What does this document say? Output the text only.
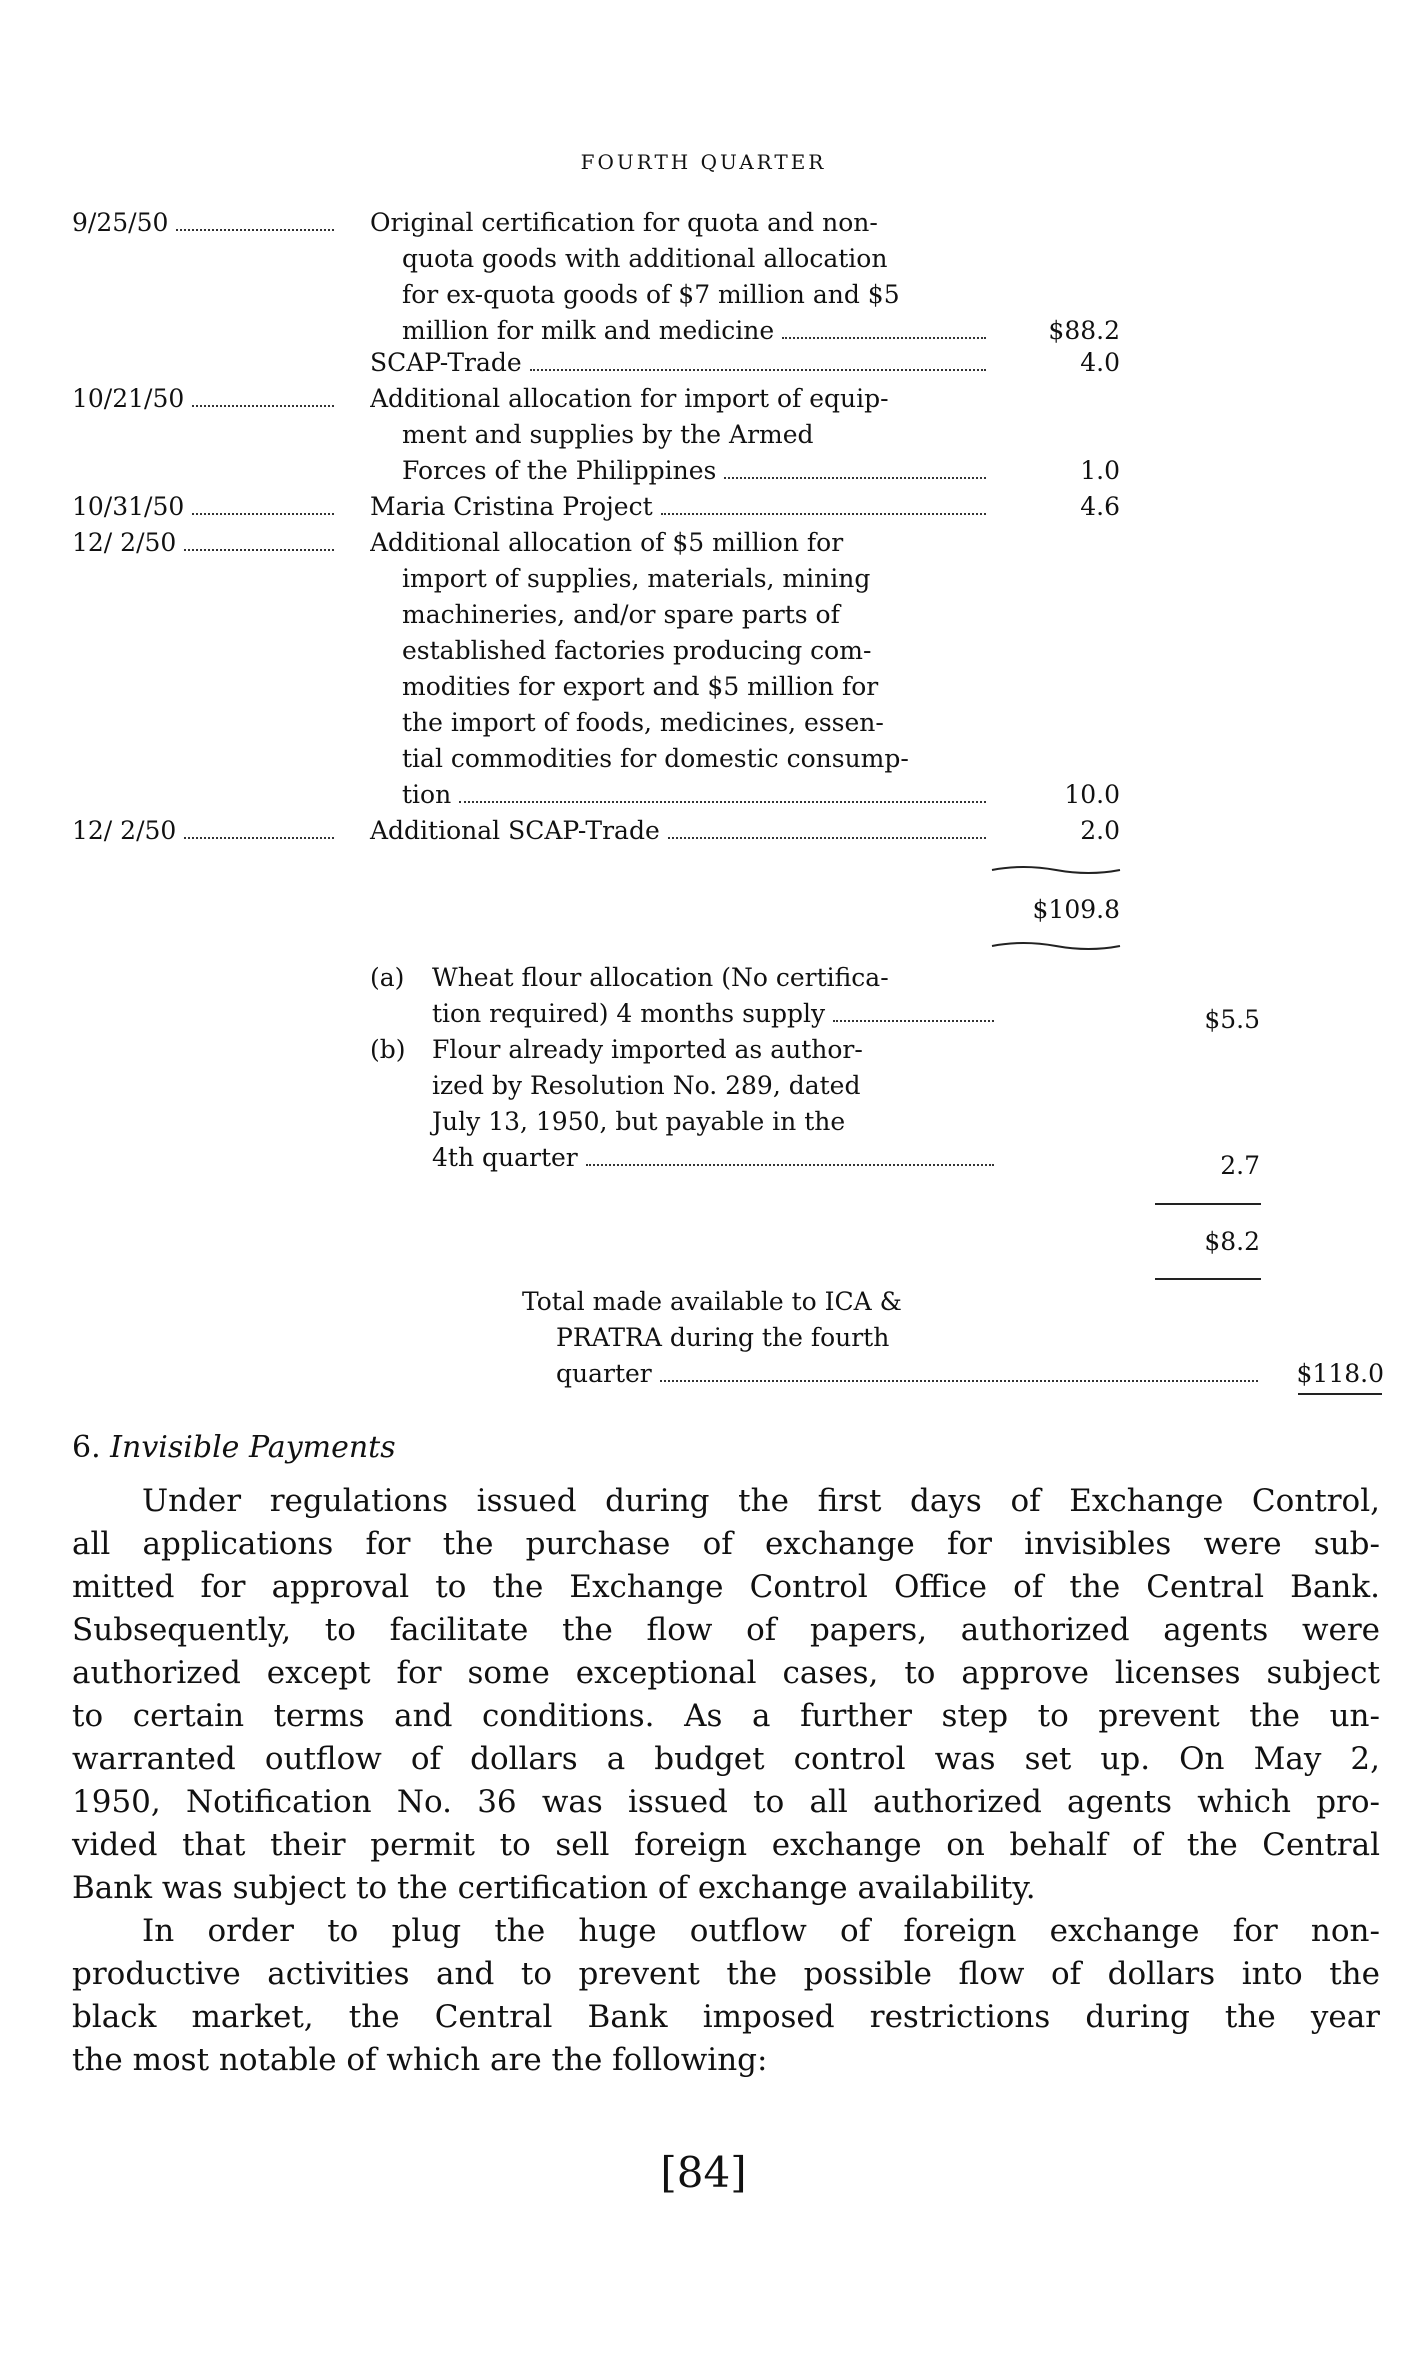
FOURTH QUARTER
9/25/50	Original certification for quota and non-
quota goods with additional allocation
for ex-quota goods of $7 million and $5
million for milk and medicine	$88.2
SCAP-Trade	4.0
10/21/50	Additional allocation for import of equip-
ment and supplies by the Armed
Forces of the Philippines	1.0
10/31/50	Maria Cristina Project	4.6
12/ 2/50	Additional allocation of $5 million for
import of supplies, materials, mining
machineries, and/or spare parts of
established factories producing com-
modities for export and $5 million for
the import of foods, medicines, essen-
tial commodities for domestic consump-
tion	10.0
12/ 2/50	Additional SCAP-Trade	2.0
$109.8
(a) Wheat flour allocation (No certifica-
tion required) 4 months supply	$5.5
(b) Flour already imported as author-
ized by Resolution No. 289, dated
July 13, 1950, but payable in the
4th quarter	2.7
$8.2
Total made available to ICA &
PRATRA during the fourth
quarter	$118.0
6. Invisible Payments
Under regulations issued during the first days of Exchange Control,
all applications for the purchase of exchange for invisibles were sub-
mitted for approval to the Exchange Control Office of the Central Bank.
Subsequently, to facilitate the flow of papers, authorized agents were
authorized except for some exceptional cases, to approve licenses subject
to certain terms and conditions. As a further step to prevent the un-
warranted outflow of dollars a budget control was set up. On May 2,
1950, Notification No. 36 was issued to all authorized agents which pro-
vided that their permit to sell foreign exchange on behalf of the Central
Bank was subject to the certification of exchange availability.
In order to plug the huge outflow of foreign exchange for non-
productive activities and to prevent the possible flow of dollars into the
black market, the Central Bank imposed restrictions during the year
the most notable of which are the following:
[84]
